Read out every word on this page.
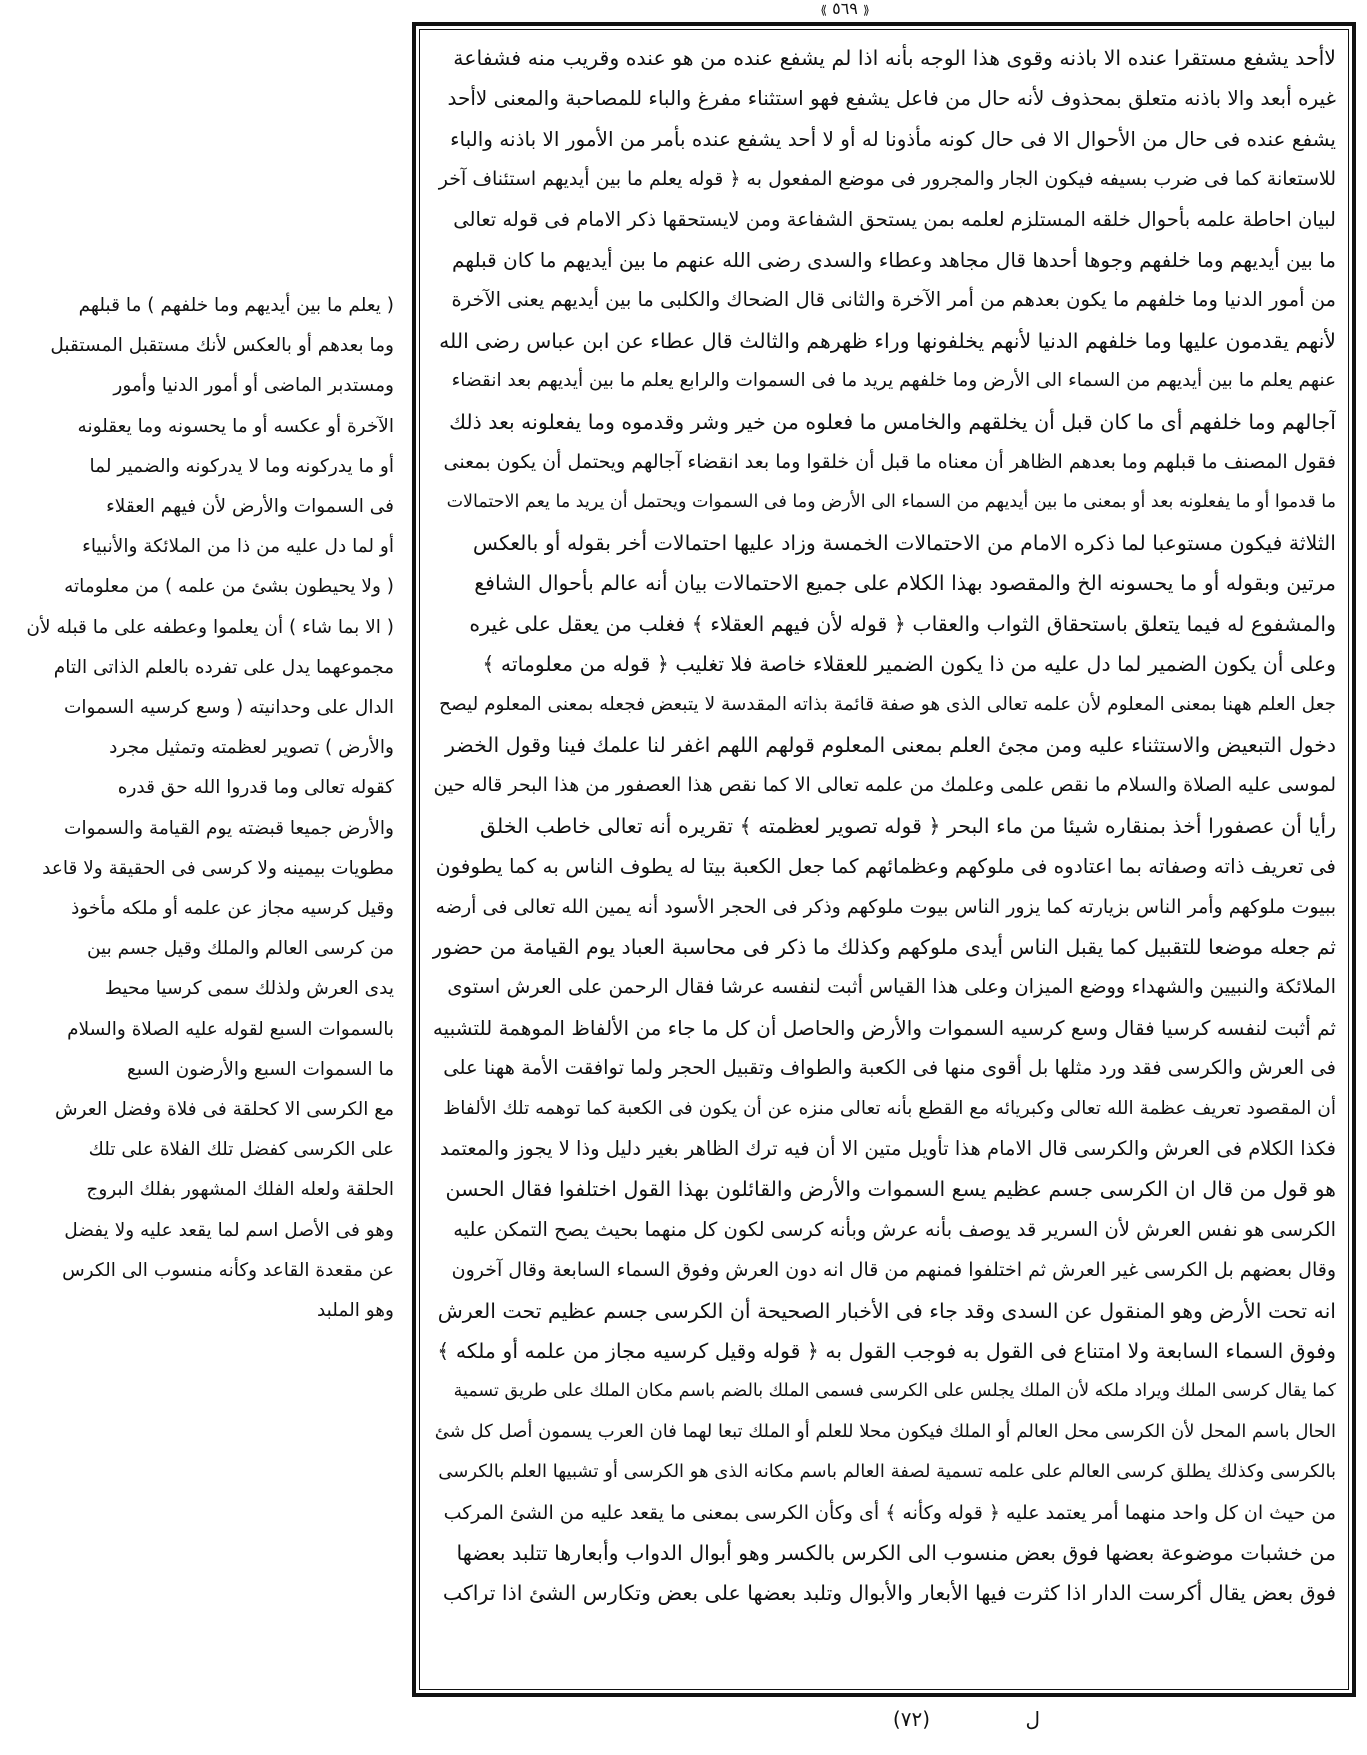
⟪ ٥٦٩ ⟫
لاأحد يشفع مستقرا عنده الا باذنه وقوى هذا الوجه بأنه اذا لم يشفع عنده من هو عنده وقريب منه فشفاعة
غيره أبعد والا باذنه متعلق بمحذوف لأنه حال من فاعل يشفع فهو استثناء مفرغ والباء للمصاحبة والمعنى لاأحد
يشفع عنده فى حال من الأحوال الا فى حال كونه مأذونا له أو لا أحد يشفع عنده بأمر من الأمور الا باذنه والباء
للاستعانة كما فى ضرب بسيفه فيكون الجار والمجرور فى موضع المفعول به ﴿ قوله يعلم ما بين أيديهم استئناف آخر
لبيان احاطة علمه بأحوال خلقه المستلزم لعلمه بمن يستحق الشفاعة ومن لايستحقها ذكر الامام فى قوله تعالى
ما بين أيديهم وما خلفهم وجوها أحدها قال مجاهد وعطاء والسدى رضى الله عنهم ما بين أيديهم ما كان قبلهم
من أمور الدنيا وما خلفهم ما يكون بعدهم من أمر الآخرة والثانى قال الضحاك والكلبى ما بين أيديهم يعنى الآخرة
لأنهم يقدمون عليها وما خلفهم الدنيا لأنهم يخلفونها وراء ظهرهم والثالث قال عطاء عن ابن عباس رضى الله
عنهم يعلم ما بين أيديهم من السماء الى الأرض وما خلفهم يريد ما فى السموات والرابع يعلم ما بين أيديهم بعد انقضاء
آجالهم وما خلفهم أى ما كان قبل أن يخلقهم والخامس ما فعلوه من خير وشر وقدموه وما يفعلونه بعد ذلك
فقول المصنف ما قبلهم وما بعدهم الظاهر أن معناه ما قبل أن خلقوا وما بعد انقضاء آجالهم ويحتمل أن يكون بمعنى
ما قدموا أو ما يفعلونه بعد أو بمعنى ما بين أيديهم من السماء الى الأرض وما فى السموات ويحتمل أن يريد ما يعم الاحتمالات
الثلاثة فيكون مستوعبا لما ذكره الامام من الاحتمالات الخمسة وزاد عليها احتمالات أخر بقوله أو بالعكس
مرتين وبقوله أو ما يحسونه الخ والمقصود بهذا الكلام على جميع الاحتمالات بيان أنه عالم بأحوال الشافع
والمشفوع له فيما يتعلق باستحقاق الثواب والعقاب ﴿ قوله لأن فيهم العقلاء ﴾ فغلب من يعقل على غيره
وعلى أن يكون الضمير لما دل عليه من ذا يكون الضمير للعقلاء خاصة فلا تغليب ﴿ قوله من معلوماته ﴾
جعل العلم ههنا بمعنى المعلوم لأن علمه تعالى الذى هو صفة قائمة بذاته المقدسة لا يتبعض فجعله بمعنى المعلوم ليصح
دخول التبعيض والاستثناء عليه ومن مجئ العلم بمعنى المعلوم قولهم اللهم اغفر لنا علمك فينا وقول الخضر
لموسى عليه الصلاة والسلام ما نقص علمى وعلمك من علمه تعالى الا كما نقص هذا العصفور من هذا البحر قاله حين
رأيا أن عصفورا أخذ بمنقاره شيئا من ماء البحر ﴿ قوله تصوير لعظمته ﴾ تقريره أنه تعالى خاطب الخلق
فى تعريف ذاته وصفاته بما اعتادوه فى ملوكهم وعظمائهم كما جعل الكعبة بيتا له يطوف الناس به كما يطوفون
ببيوت ملوكهم وأمر الناس بزيارته كما يزور الناس بيوت ملوكهم وذكر فى الحجر الأسود أنه يمين الله تعالى فى أرضه
ثم جعله موضعا للتقبيل كما يقبل الناس أيدى ملوكهم وكذلك ما ذكر فى محاسبة العباد يوم القيامة من حضور
الملائكة والنبيين والشهداء ووضع الميزان وعلى هذا القياس أثبت لنفسه عرشا فقال الرحمن على العرش استوى
ثم أثبت لنفسه كرسيا فقال وسع كرسيه السموات والأرض والحاصل أن كل ما جاء من الألفاظ الموهمة للتشبيه
فى العرش والكرسى فقد ورد مثلها بل أقوى منها فى الكعبة والطواف وتقبيل الحجر ولما توافقت الأمة ههنا على
أن المقصود تعريف عظمة الله تعالى وكبريائه مع القطع بأنه تعالى منزه عن أن يكون فى الكعبة كما توهمه تلك الألفاظ
فكذا الكلام فى العرش والكرسى قال الامام هذا تأويل متين الا أن فيه ترك الظاهر بغير دليل وذا لا يجوز والمعتمد
هو قول من قال ان الكرسى جسم عظيم يسع السموات والأرض والقائلون بهذا القول اختلفوا فقال الحسن
الكرسى هو نفس العرش لأن السرير قد يوصف بأنه عرش وبأنه كرسى لكون كل منهما بحيث يصح التمكن عليه
وقال بعضهم بل الكرسى غير العرش ثم اختلفوا فمنهم من قال انه دون العرش وفوق السماء السابعة وقال آخرون
انه تحت الأرض وهو المنقول عن السدى وقد جاء فى الأخبار الصحيحة أن الكرسى جسم عظيم تحت العرش
وفوق السماء السابعة ولا امتناع فى القول به فوجب القول به ﴿ قوله وقيل كرسيه مجاز من علمه أو ملكه ﴾
كما يقال كرسى الملك ويراد ملكه لأن الملك يجلس على الكرسى فسمى الملك بالضم باسم مكان الملك على طريق تسمية
الحال باسم المحل لأن الكرسى محل العالم أو الملك فيكون محلا للعلم أو الملك تبعا لهما فان العرب يسمون أصل كل شئ
بالكرسى وكذلك يطلق كرسى العالم على علمه تسمية لصفة العالم باسم مكانه الذى هو الكرسى أو تشبيها العلم بالكرسى
من حيث ان كل واحد منهما أمر يعتمد عليه ﴿ قوله وكأنه ﴾ أى وكأن الكرسى بمعنى ما يقعد عليه من الشئ المركب
من خشبات موضوعة بعضها فوق بعض منسوب الى الكرس بالكسر وهو أبوال الدواب وأبعارها تتلبد بعضها
فوق بعض يقال أكرست الدار اذا كثرت فيها الأبعار والأبوال وتلبد بعضها على بعض وتكارس الشئ اذا تراكب
( يعلم ما بين أيديهم وما خلفهم ) ما قبلهم
وما بعدهم أو بالعكس لأنك مستقبل المستقبل
ومستدبر الماضى أو أمور الدنيا وأمور
الآخرة أو عكسه أو ما يحسونه وما يعقلونه
أو ما يدركونه وما لا يدركونه والضمير لما
فى السموات والأرض لأن فيهم العقلاء
أو لما دل عليه من ذا من الملائكة والأنبياء
( ولا يحيطون بشئ من علمه ) من معلوماته
( الا بما شاء ) أن يعلموا وعطفه على ما قبله لأن
مجموعهما يدل على تفرده بالعلم الذاتى التام
الدال على وحدانيته ( وسع كرسيه السموات
والأرض ) تصوير لعظمته وتمثيل مجرد
كقوله تعالى وما قدروا الله حق قدره
والأرض جميعا قبضته يوم القيامة والسموات
مطويات بيمينه ولا كرسى فى الحقيقة ولا قاعد
وقيل كرسيه مجاز عن علمه أو ملكه مأخوذ
من كرسى العالم والملك وقيل جسم بين
يدى العرش ولذلك سمى كرسيا محيط
بالسموات السبع لقوله عليه الصلاة والسلام
ما السموات السبع والأرضون السبع
مع الكرسى الا كحلقة فى فلاة وفضل العرش
على الكرسى كفضل تلك الفلاة على تلك
الحلقة ولعله الفلك المشهور بفلك البروج
وهو فى الأصل اسم لما يقعد عليه ولا يفضل
عن مقعدة القاعد وكأنه منسوب الى الكرس
وهو الملبد
ل
(٧٢)
